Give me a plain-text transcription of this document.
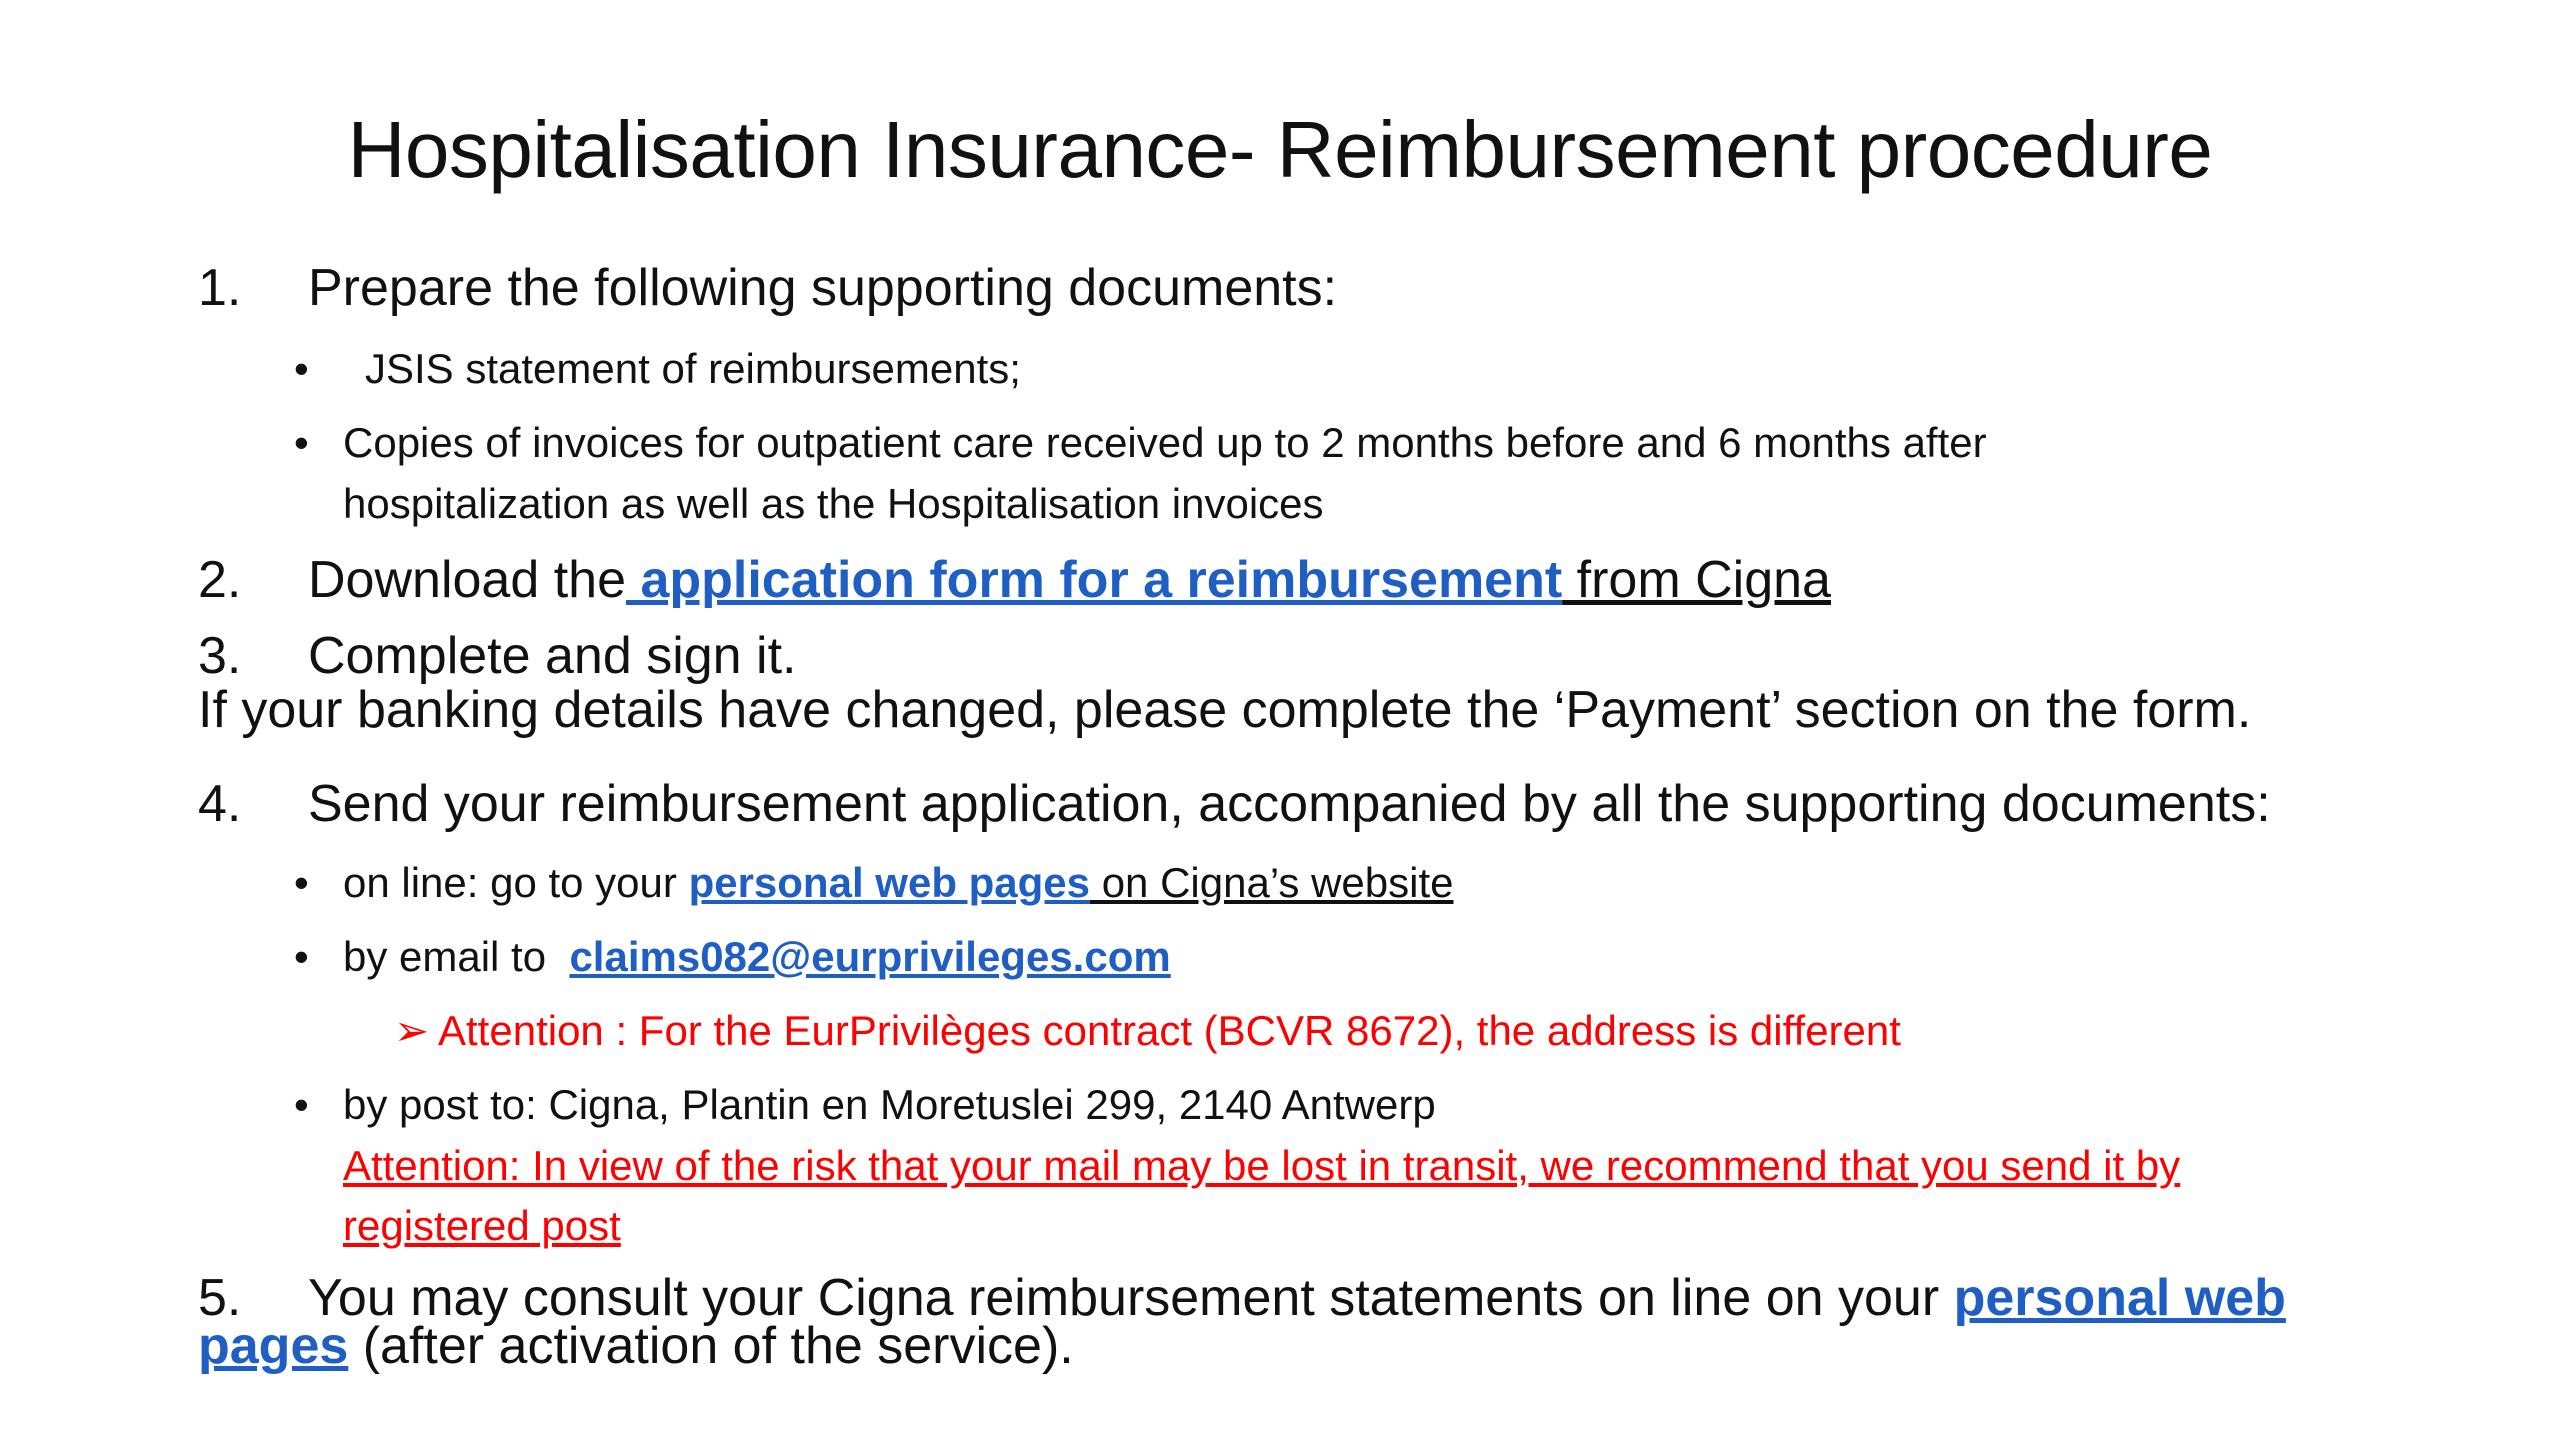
Hospitalisation Insurance- Reimbursement procedure
1. Prepare the following supporting documents:
• JSIS statement of reimbursements;
• Copies of invoices for outpatient care received up to 2 months before and 6 months after
hospitalization as well as the Hospitalisation invoices
2. Download the application form for a reimbursement from Cigna
3. Complete and sign it.
If your banking details have changed, please complete the ‘Payment’ section on the form.
4. Send your reimbursement application, accompanied by all the supporting documents:
• on line: go to your personal web pages on Cigna’s website
• by email to  claims082@eurprivileges.com
➢ Attention : For the EurPrivilèges contract (BCVR 8672), the address is different
• by post to: Cigna, Plantin en Moretuslei 299, 2140 Antwerp
Attention: In view of the risk that your mail may be lost in transit, we recommend that you send it by
registered post
5. You may consult your Cigna reimbursement statements on line on your personal web
pages (after activation of the service).
